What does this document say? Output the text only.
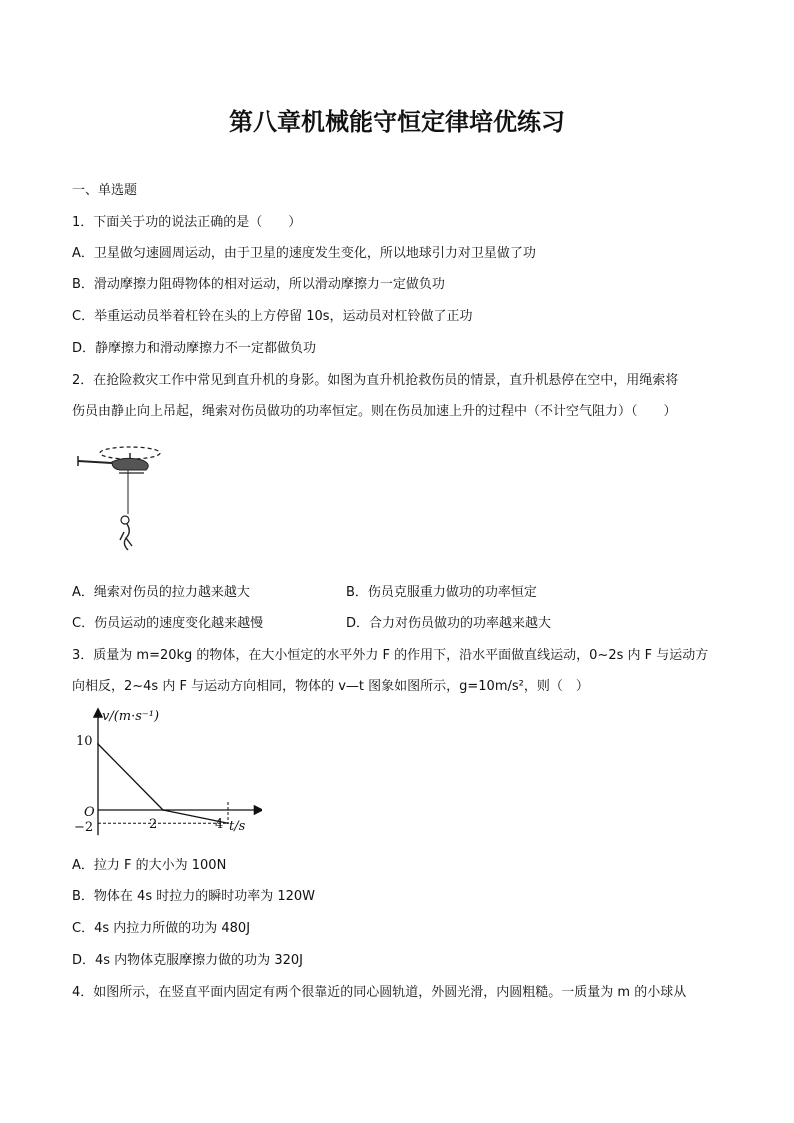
第八章机械能守恒定律培优练习
一、单选题
1．下面关于功的说法正确的是（　　）
A．卫星做匀速圆周运动，由于卫星的速度发生变化，所以地球引力对卫星做了功
B．滑动摩擦力阻碍物体的相对运动，所以滑动摩擦力一定做负功
C．举重运动员举着杠铃在头的上方停留 10s，运动员对杠铃做了正功
D．静摩擦力和滑动摩擦力不一定都做负功
2．在抢险救灾工作中常见到直升机的身影。如图为直升机抢救伤员的情景，直升机悬停在空中，用绳索将
伤员由静止向上吊起，绳索对伤员做功的功率恒定。则在伤员加速上升的过程中（不计空气阻力）（　　）
A．绳索对伤员的拉力越来越大	B．伤员克服重力做功的功率恒定
C．伤员运动的速度变化越来越慢	D．合力对伤员做功的功率越来越大
3．质量为 m=20kg 的物体，在大小恒定的水平外力 F 的作用下，沿水平面做直线运动，0~2s 内 F 与运动方
向相反，2~4s 内 F 与运动方向相同，物体的 v—t 图象如图所示，g=10m/s²，则（　）
v/(m·s⁻¹)
t/s
O
10
−2	2	4
A．拉力 F 的大小为 100N
B．物体在 4s 时拉力的瞬时功率为 120W
C．4s 内拉力所做的功为 480J
D．4s 内物体克服摩擦力做的功为 320J
4．如图所示，在竖直平面内固定有两个很靠近的同心圆轨道，外圆光滑，内圆粗糙。一质量为 m 的小球从
